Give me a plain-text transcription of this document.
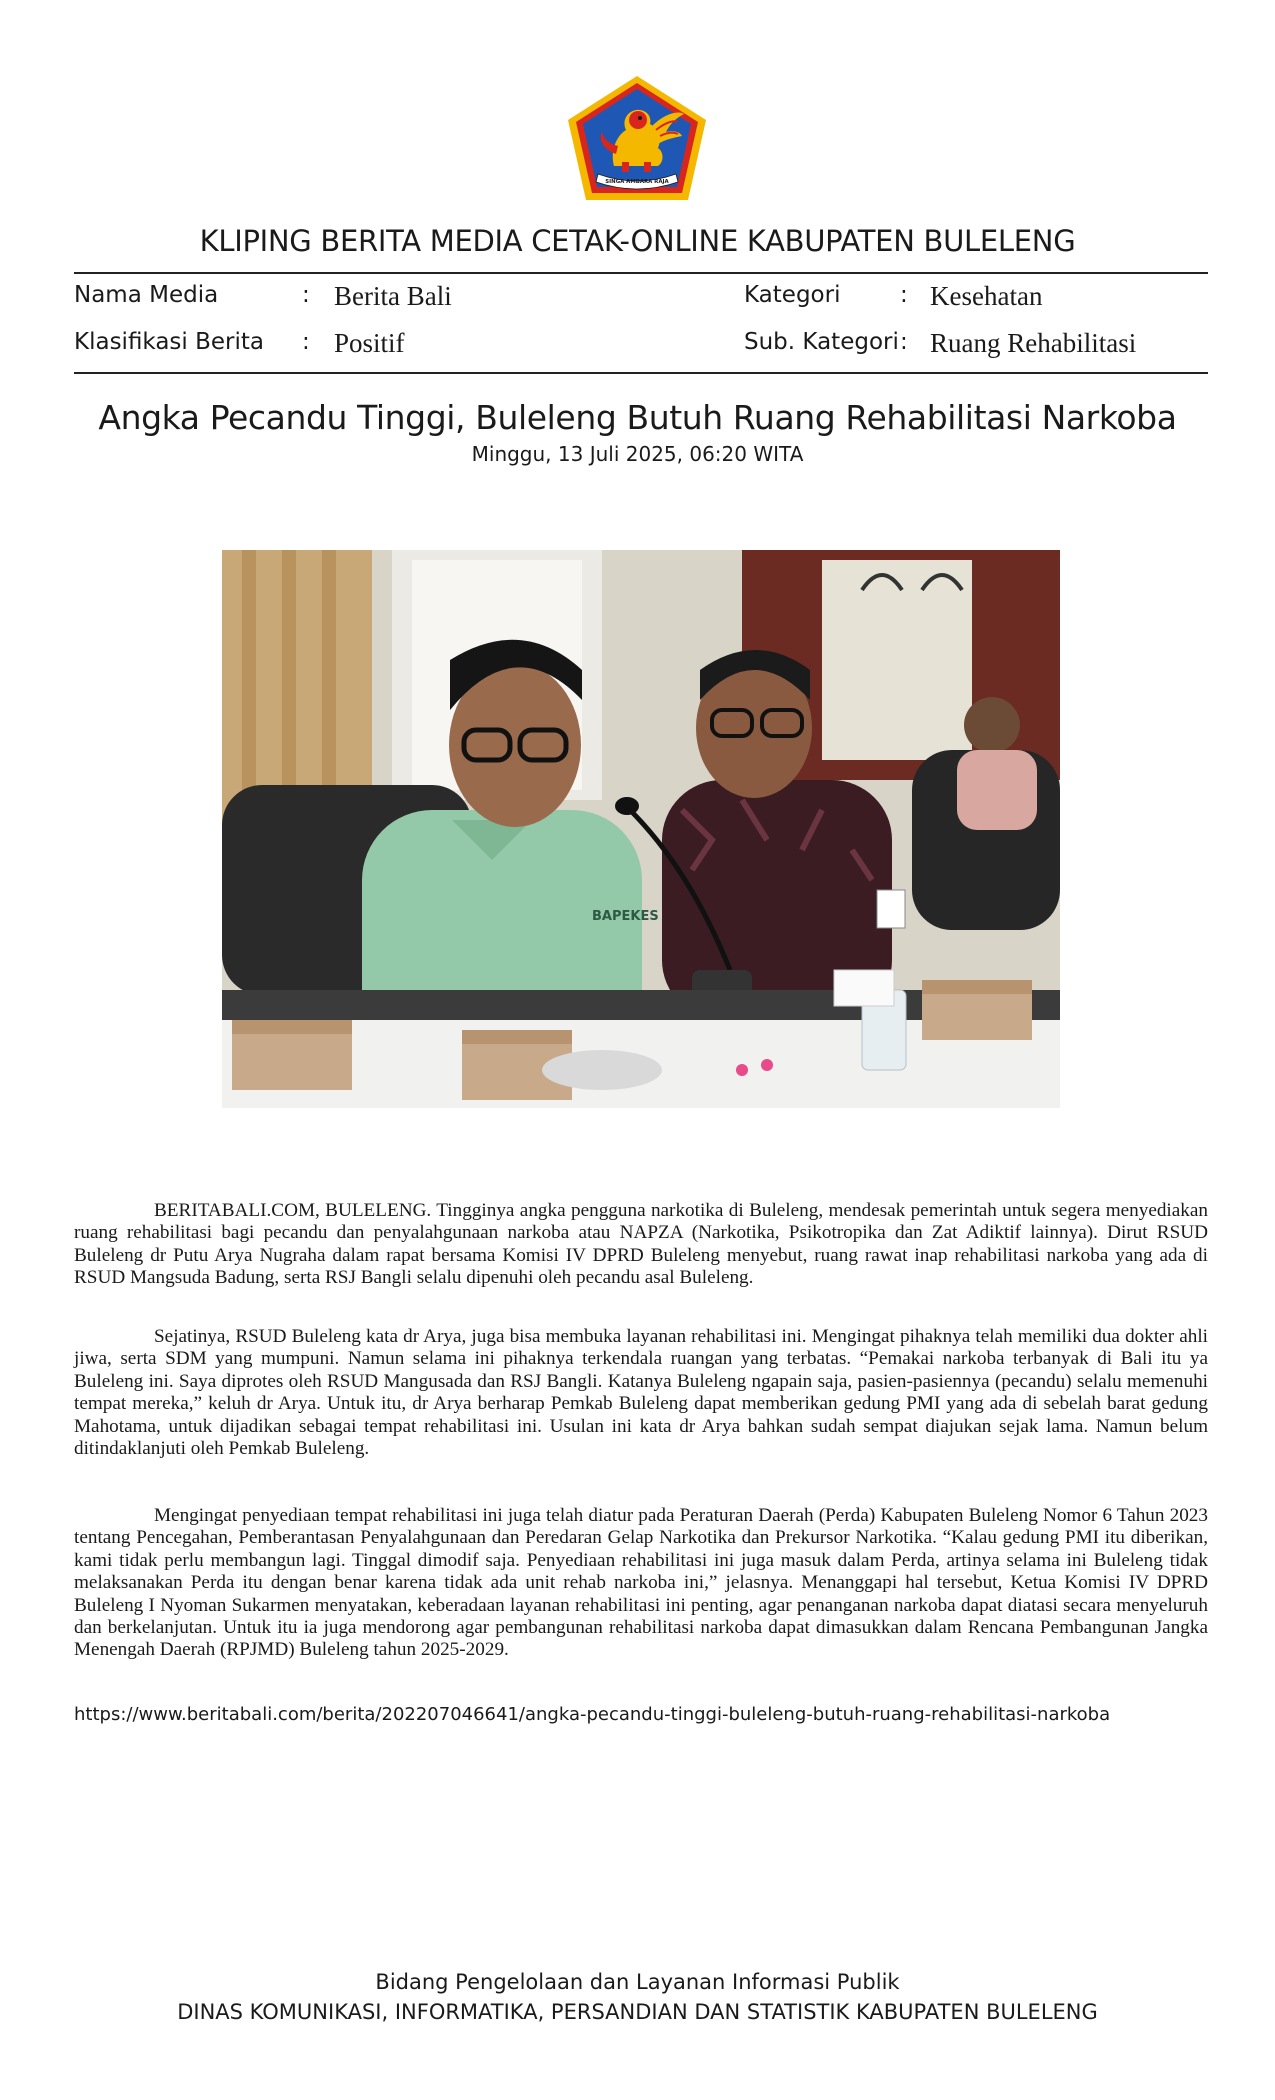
SINGA AMBARA RAJA
KLIPING BERITA MEDIA CETAK-ONLINE KABUPATEN BULELENG
Nama Media	: Berita Bali
Klasifikasi Berita : Positif
Kategori	: Kesehatan
Sub. Kategori : Ruang Rehabilitasi
Angka Pecandu Tinggi, Buleleng Butuh Ruang Rehabilitasi Narkoba
Minggu, 13 Juli 2025, 06:20 WITA
BAPEKES

BERITABALI.COM, BULELENG. Tingginya angka pengguna narkotika di Buleleng, mendesak pemerintah untuk segera menyediakan ruang rehabilitasi bagi pecandu dan penyalahgunaan narkoba atau NAPZA (Narkotika, Psikotropika dan Zat Adiktif lainnya). Dirut RSUD Buleleng dr Putu Arya Nugraha dalam rapat bersama Komisi IV DPRD Buleleng menyebut, ruang rawat inap rehabilitasi narkoba yang ada di RSUD Mangsuda Badung, serta RSJ Bangli selalu dipenuhi oleh pecandu asal Buleleng.

Sejatinya, RSUD Buleleng kata dr Arya, juga bisa membuka layanan rehabilitasi ini. Mengingat pihaknya telah memiliki dua dokter ahli jiwa, serta SDM yang mumpuni. Namun selama ini pihaknya terkendala ruangan yang terbatas. “Pemakai narkoba terbanyak di Bali itu ya Buleleng ini. Saya diprotes oleh RSUD Mangusada dan RSJ Bangli. Katanya Buleleng ngapain saja, pasien-pasiennya (pecandu) selalu memenuhi tempat mereka,” keluh dr Arya. Untuk itu, dr Arya berharap Pemkab Buleleng dapat memberikan gedung PMI yang ada di sebelah barat gedung Mahotama, untuk dijadikan sebagai tempat rehabilitasi ini. Usulan ini kata dr Arya bahkan sudah sempat diajukan sejak lama. Namun belum ditindaklanjuti oleh Pemkab Buleleng.

Mengingat penyediaan tempat rehabilitasi ini juga telah diatur pada Peraturan Daerah (Perda) Kabupaten Buleleng Nomor 6 Tahun 2023 tentang Pencegahan, Pemberantasan Penyalahgunaan dan Peredaran Gelap Narkotika dan Prekursor Narkotika. “Kalau gedung PMI itu diberikan, kami tidak perlu membangun lagi. Tinggal dimodif saja. Penyediaan rehabilitasi ini juga masuk dalam Perda, artinya selama ini Buleleng tidak melaksanakan Perda itu dengan benar karena tidak ada unit rehab narkoba ini,” jelasnya. Menanggapi hal tersebut, Ketua Komisi IV DPRD Buleleng I Nyoman Sukarmen menyatakan, keberadaan layanan rehabilitasi ini penting, agar penanganan narkoba dapat diatasi secara menyeluruh dan berkelanjutan. Untuk itu ia juga mendorong agar pembangunan rehabilitasi narkoba dapat dimasukkan dalam Rencana Pembangunan Jangka Menengah Daerah (RPJMD) Buleleng tahun 2025-2029.

https://www.beritabali.com/berita/202207046641/angka-pecandu-tinggi-buleleng-butuh-ruang-rehabilitasi-narkoba
Bidang Pengelolaan dan Layanan Informasi Publik
DINAS KOMUNIKASI, INFORMATIKA, PERSANDIAN DAN STATISTIK KABUPATEN BULELENG
